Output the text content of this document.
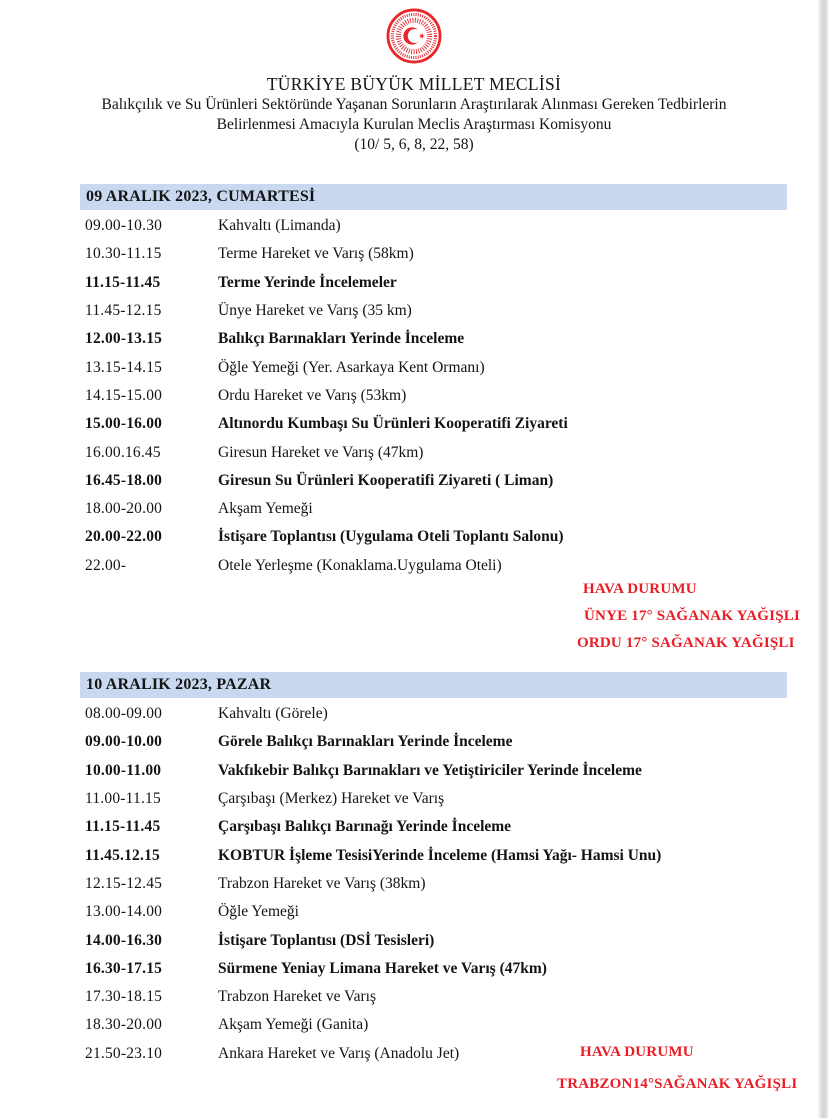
TÜRKİYE BÜYÜK MİLLET MECLİSİ
Balıkçılık ve Su Ürünleri Sektöründe Yaşanan Sorunların Araştırılarak Alınması Gereken Tedbirlerin
Belirlenmesi Amacıyla Kurulan Meclis Araştırması Komisyonu
(10/ 5, 6, 8, 22, 58)
09 ARALIK 2023, CUMARTESİ
09.00-10.30	Kahvaltı (Limanda)
10.30-11.15	Terme Hareket ve Varış (58km)
11.15-11.45	Terme Yerinde İncelemeler
11.45-12.15	Ünye Hareket ve Varış (35 km)
12.00-13.15	Balıkçı Barınakları Yerinde İnceleme
13.15-14.15	Öğle Yemeği (Yer. Asarkaya Kent Ormanı)
14.15-15.00	Ordu Hareket ve Varış (53km)
15.00-16.00	Altınordu Kumbaşı Su Ürünleri Kooperatifi Ziyareti
16.00.16.45	Giresun Hareket ve Varış (47km)
16.45-18.00	Giresun Su Ürünleri Kooperatifi Ziyareti ( Liman)
18.00-20.00	Akşam Yemeği
20.00-22.00	İstişare Toplantısı (Uygulama Oteli Toplantı Salonu)
22.00-	Otele Yerleşme (Konaklama.Uygulama Oteli)
HAVA DURUMU
ÜNYE 17° SAĞANAK YAĞIŞLI
ORDU 17° SAĞANAK YAĞIŞLI
10 ARALIK 2023, PAZAR
08.00-09.00	Kahvaltı (Görele)
09.00-10.00	Görele Balıkçı Barınakları Yerinde İnceleme
10.00-11.00	Vakfıkebir Balıkçı Barınakları ve Yetiştiriciler Yerinde İnceleme
11.00-11.15	Çarşıbaşı (Merkez) Hareket ve Varış
11.15-11.45	Çarşıbaşı Balıkçı Barınağı Yerinde İnceleme
11.45.12.15	KOBTUR İşleme TesisiYerinde İnceleme (Hamsi Yağı- Hamsi Unu)
12.15-12.45	Trabzon Hareket ve Varış (38km)
13.00-14.00	Öğle Yemeği
14.00-16.30	İstişare Toplantısı (DSİ Tesisleri)
16.30-17.15	Sürmene Yeniay Limana Hareket ve Varış (47km)
17.30-18.15	Trabzon Hareket ve Varış
18.30-20.00	Akşam Yemeği (Ganita)
21.50-23.10	Ankara Hareket ve Varış (Anadolu Jet)	HAVA DURUMU
TRABZON14°SAĞANAK YAĞIŞLI
